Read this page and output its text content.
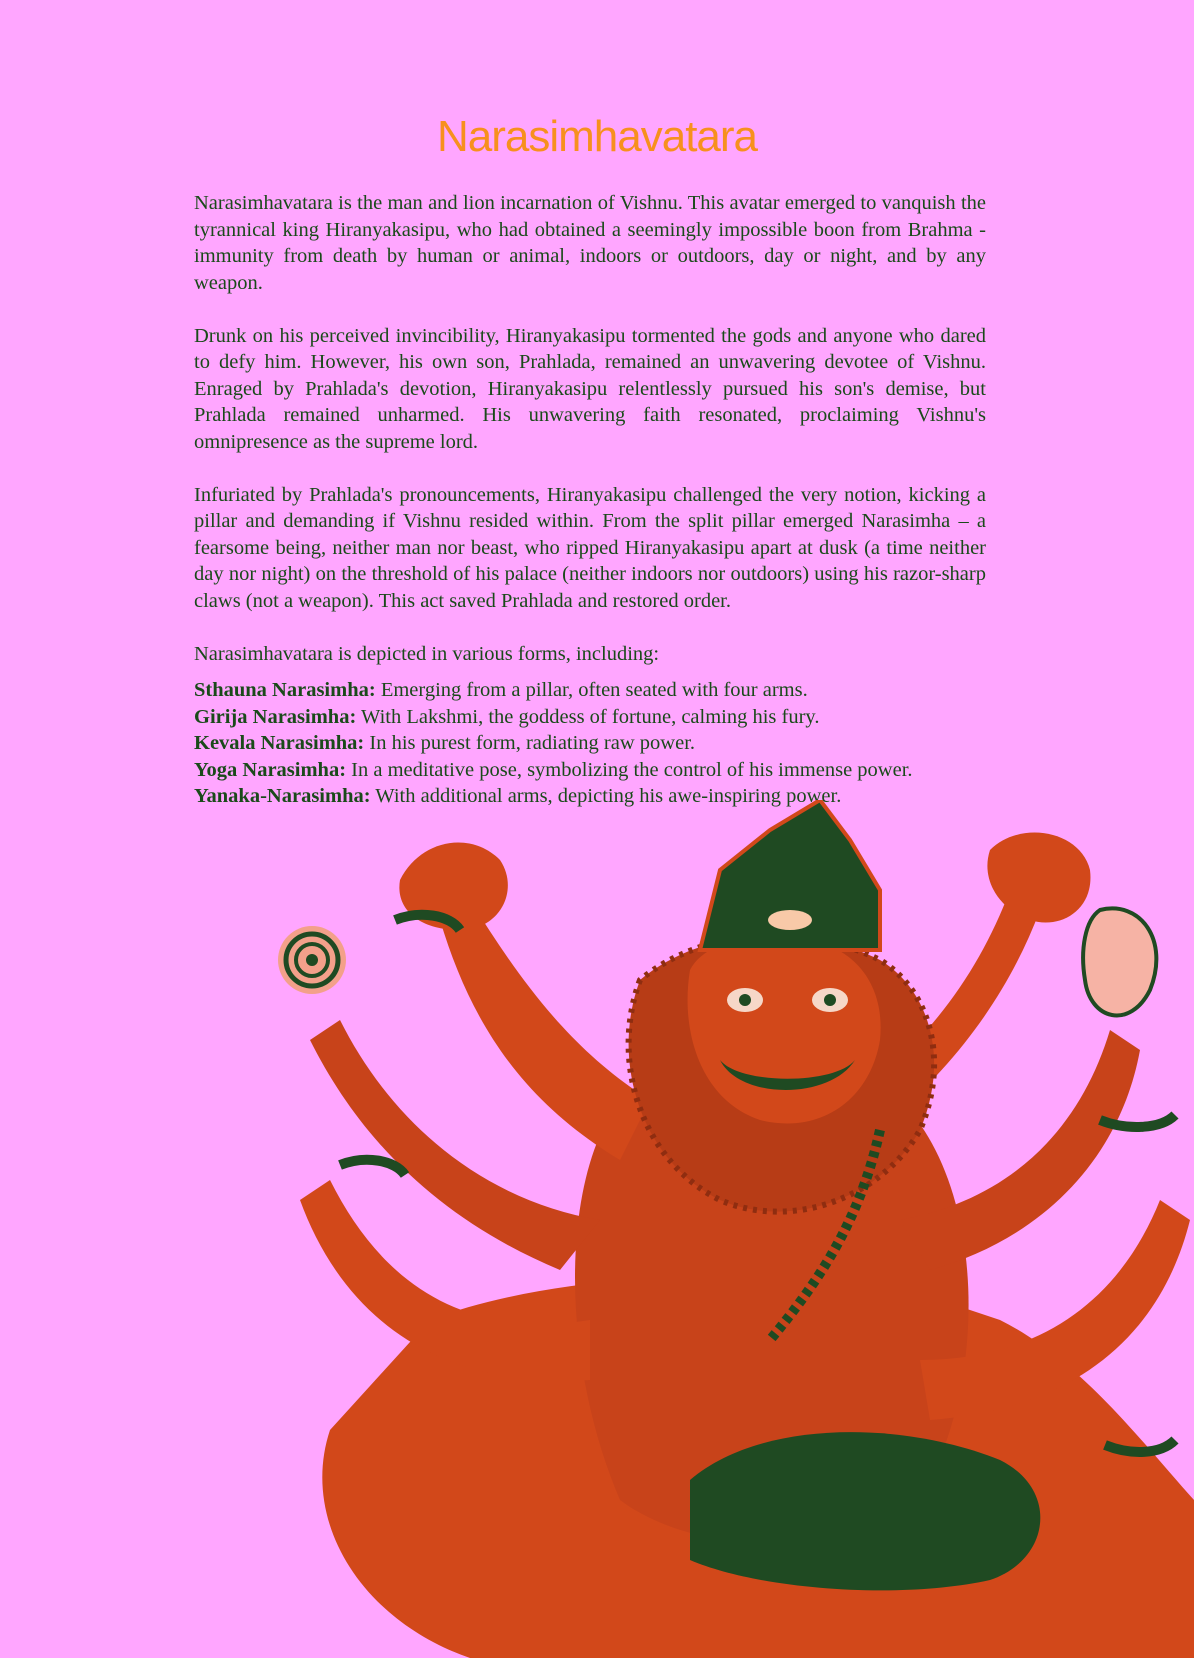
Narasimhavatara

Narasimhavatara is the man and lion incarnation of Vishnu. This avatar emerged to vanquish the tyrannical king Hiranyakasipu, who had obtained a seemingly impossible boon from Brahma - immunity from death by human or animal, indoors or outdoors, day or night, and by any weapon.

Drunk on his perceived invincibility, Hiranyakasipu tormented the gods and anyone who dared to defy him. However, his own son, Prahlada, remained an unwavering devotee of Vishnu. Enraged by Prahlada's devotion, Hiranyakasipu relentlessly pursued his son's demise, but Prahlada remained unharmed. His unwavering faith resonated, proclaiming Vishnu's omnipresence as the supreme lord.

Infuriated by Prahlada's pronouncements, Hiranyakasipu challenged the very notion, kicking a pillar and demanding if Vishnu resided within. From the split pillar emerged Narasimha – a fearsome being, neither man nor beast, who ripped Hiranyakasipu apart at dusk (a time neither day nor night) on the threshold of his palace (neither indoors nor outdoors) using his razor-sharp claws (not a weapon). This act saved Prahlada and restored order.

Narasimhavatara is depicted in various forms, including:

Sthauna Narasimha: Emerging from a pillar, often seated with four arms.
Girija Narasimha: With Lakshmi, the goddess of fortune, calming his fury.
Kevala Narasimha: In his purest form, radiating raw power.
Yoga Narasimha: In a meditative pose, symbolizing the control of his immense power.
Yanaka-Narasimha: With additional arms, depicting his awe-inspiring power.
